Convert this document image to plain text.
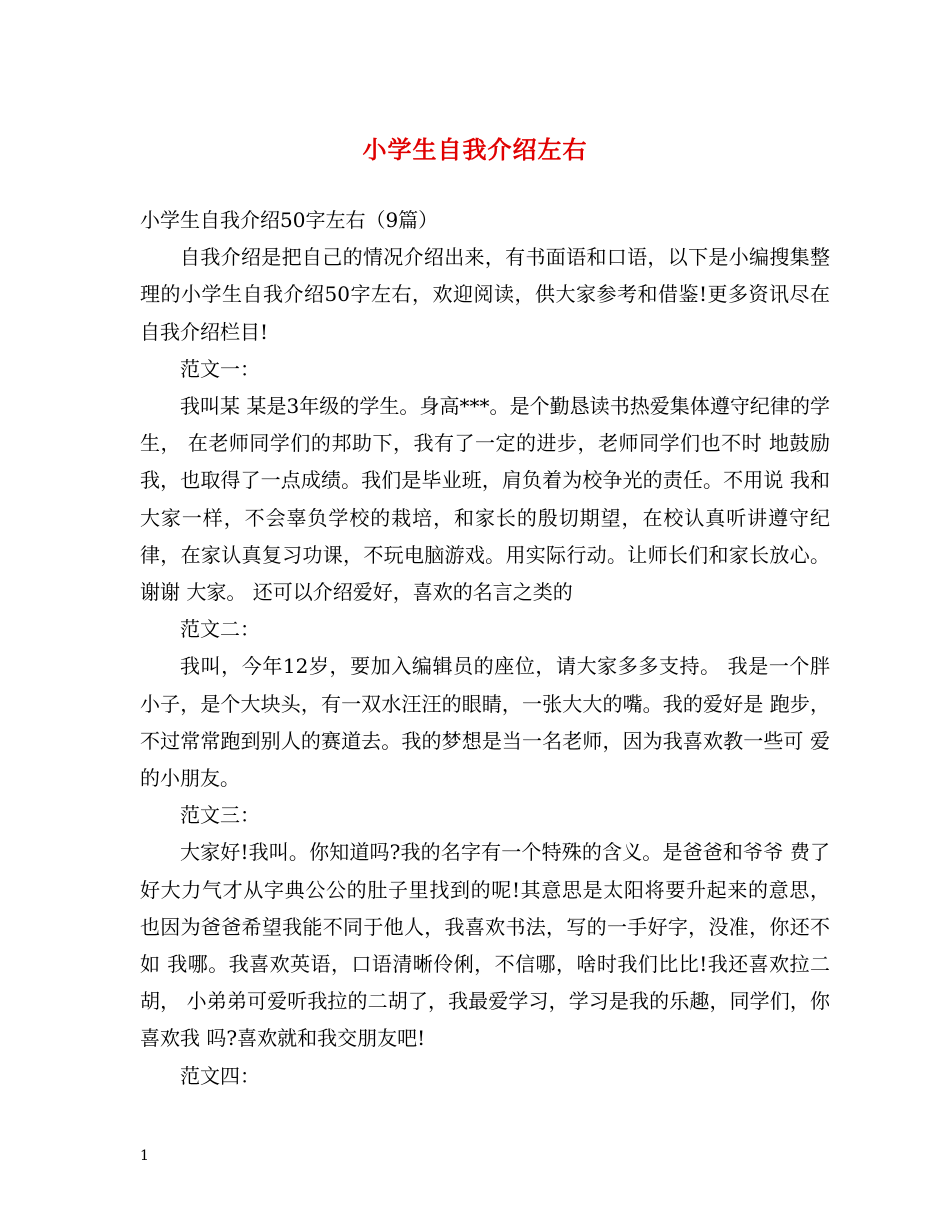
小学生自我介绍左右

小学生自我介绍50字左右（9篇）

自我介绍是把自己的情况介绍出来，有书面语和口语，以下是小编搜集整理的小学生自我介绍50字左右，欢迎阅读，供大家参考和借鉴!更多资讯尽在自我介绍栏目!

范文一：

我叫某 某是3年级的学生。身高***。是个勤恳读书热爱集体遵守纪律的学生， 在老师同学们的邦助下，我有了一定的进步，老师同学们也不时 地鼓励我，也取得了一点成绩。我们是毕业班，肩负着为校争光的责任。不用说 我和大家一样，不会辜负学校的栽培，和家长的殷切期望，在校认真听讲遵守纪 律，在家认真复习功课，不玩电脑游戏。用实际行动。让师长们和家长放心。谢谢 大家。 还可以介绍爱好，喜欢的名言之类的

范文二：

我叫，今年12岁，要加入编辑员的座位，请大家多多支持。 我是一个胖小子，是个大块头，有一双水汪汪的眼睛，一张大大的嘴。我的爱好是 跑步，不过常常跑到别人的赛道去。我的梦想是当一名老师，因为我喜欢教一些可 爱的小朋友。

范文三：

大家好!我叫。你知道吗?我的名字有一个特殊的含义。是爸爸和爷爷 费了好大力气才从字典公公的肚子里找到的呢!其意思是太阳将要升起来的意思， 也因为爸爸希望我能不同于他人，我喜欢书法，写的一手好字，没准，你还不如 我哪。我喜欢英语，口语清晰伶俐，不信哪，啥时我们比比!我还喜欢拉二胡， 小弟弟可爱听我拉的二胡了，我最爱学习，学习是我的乐趣，同学们，你喜欢我 吗?喜欢就和我交朋友吧!

范文四：

1
